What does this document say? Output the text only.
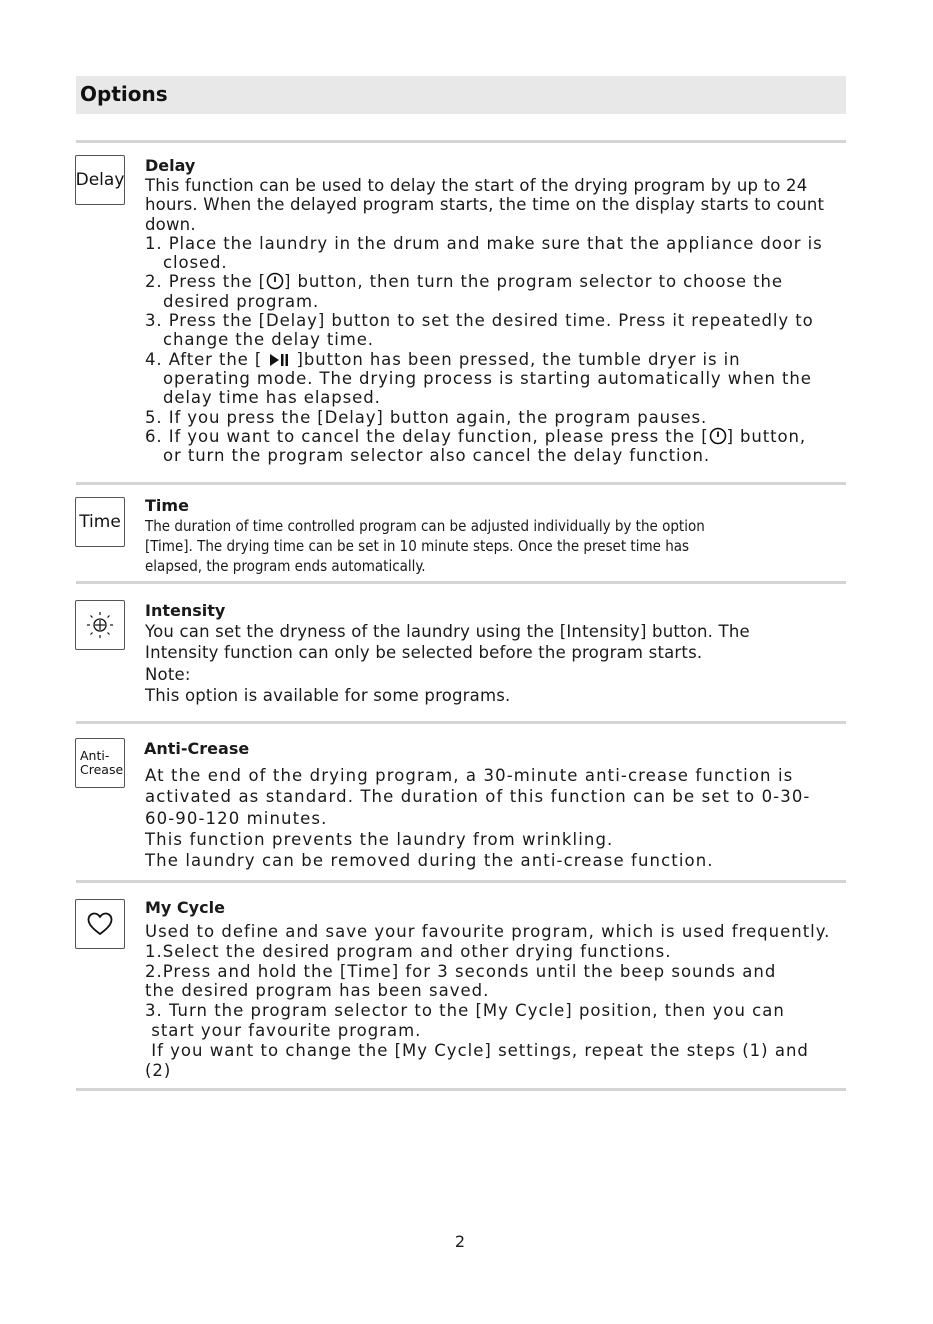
Options
Delay
Delay

This function can be used to delay the start of the drying program by up to 24 hours. When the delayed program starts, the time on the display starts to count down.

1. Place the laundry in the drum and make sure that the appliance door is

closed.

2. Press the [ ] button, then turn the program selector to choose the

desired program.

3. Press the [Delay] button to set the desired time. Press it repeatedly to

change the delay time.

4. After the [  ]button has been pressed, the tumble dryer is in

operating mode. The drying process is starting automatically when the

delay time has elapsed.

5. If you press the [Delay] button again, the program pauses.

6. If you want to cancel the delay function, please press the [ ] button,

or turn the program selector also cancel the delay function.

Time
Time

The duration of time controlled program can be adjusted individually by the option

[Time]. The drying time can be set in 10 minute steps. Once the preset time has

elapsed, the program ends automatically.

Intensity

You can set the dryness of the laundry using the [Intensity] button. The

Intensity function can only be selected before the program starts.

Note:

This option is available for some programs.

Anti-
Crease
Anti-Crease

At the end of the drying program, a 30-minute anti-crease function is

activated as standard. The duration of this function can be set to 0-30-

60-90-120 minutes.

This function prevents the laundry from wrinkling.

The laundry can be removed during the anti-crease function.

My Cycle

Used to define and save your favourite program, which is used frequently.

1.Select the desired program and other drying functions.

2.Press and hold the [Time] for 3 seconds until the beep sounds and

the desired program has been saved.

3. Turn the program selector to the [My Cycle] position, then you can

start your favourite program.

If you want to change the [My Cycle] settings, repeat the steps (1) and

(2)

2
